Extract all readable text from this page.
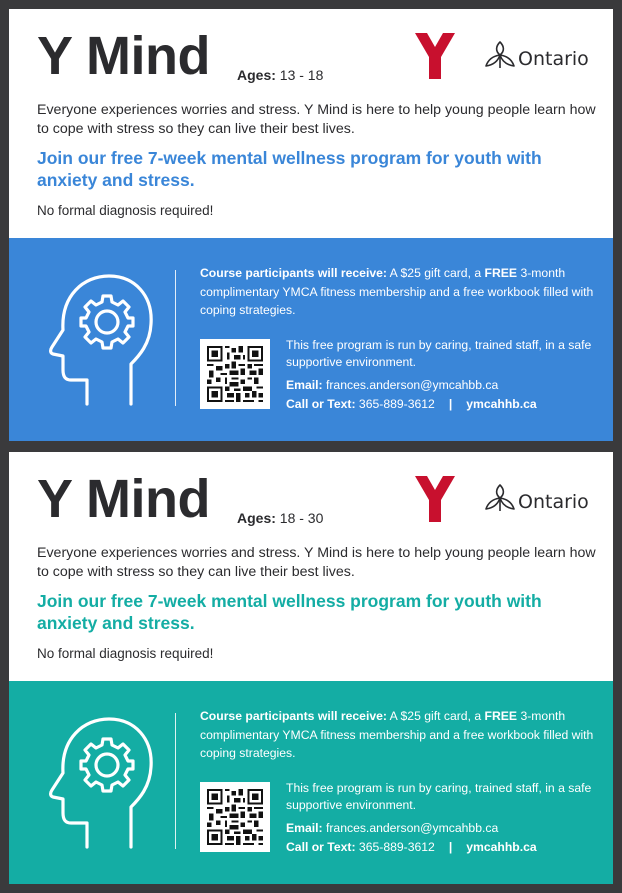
Y Mind Ages: 13 - 18
Ontario

Everyone experiences worries and stress. Y Mind is here to help young people learn how to cope with stress so they can live their best lives.

Join our free 7-week mental wellness program for youth with anxiety and stress.

No formal diagnosis required!

Course participants will receive: A $25 gift card, a FREE 3-month complimentary YMCA fitness membership and a free workbook filled with coping strategies.

This free program is run by caring, trained staff, in a safe supportive environment.

Email: frances.anderson@ymcahbb.ca

Call or Text: 365-889-3612 | ymcahhb.ca

Y Mind Ages: 18 - 30
Ontario

Everyone experiences worries and stress. Y Mind is here to help young people learn how to cope with stress so they can live their best lives.

Join our free 7-week mental wellness program for youth with anxiety and stress.

No formal diagnosis required!

Course participants will receive: A $25 gift card, a FREE 3-month complimentary YMCA fitness membership and a free workbook filled with coping strategies.

This free program is run by caring, trained staff, in a safe supportive environment.

Email: frances.anderson@ymcahbb.ca

Call or Text: 365-889-3612 | ymcahhb.ca
